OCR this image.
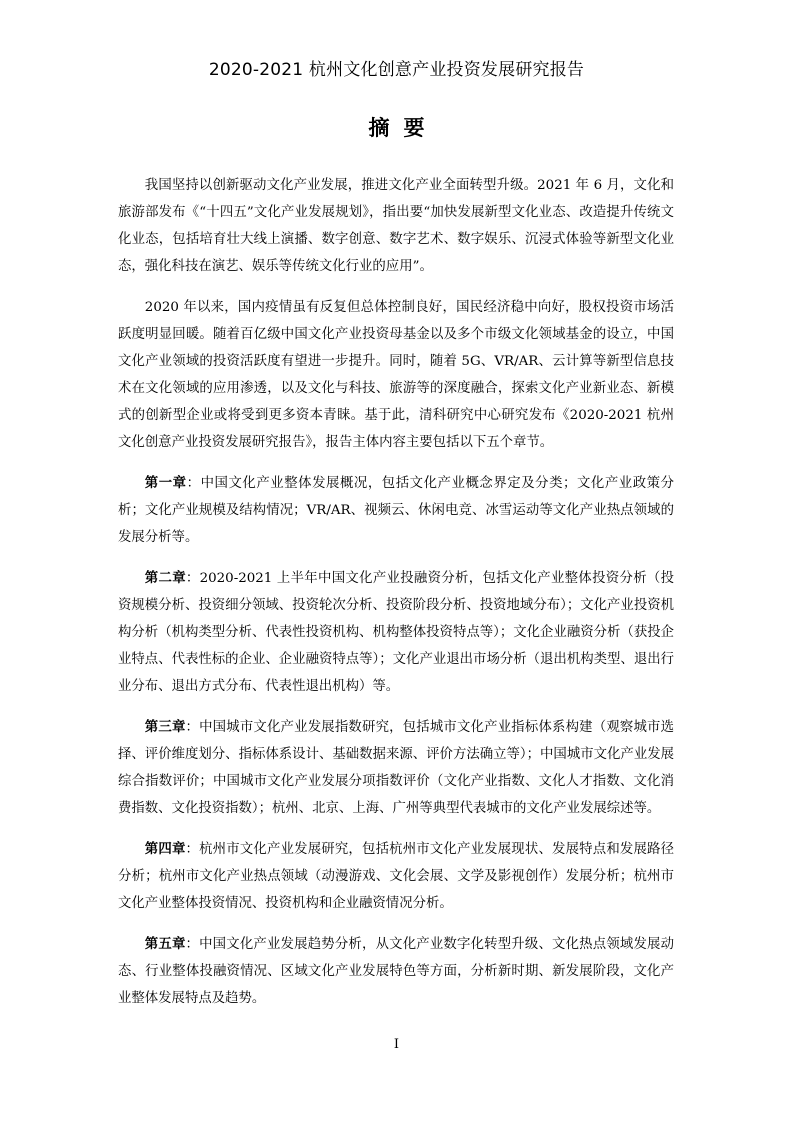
2020-2021 杭州文化创意产业投资发展研究报告
摘要

我国坚持以创新驱动文化产业发展，推进文化产业全面转型升级。2021 年 6 月，文化和旅游部发布《“十四五”文化产业发展规划》，指出要“加快发展新型文化业态、改造提升传统文化业态，包括培育壮大线上演播、数字创意、数字艺术、数字娱乐、沉浸式体验等新型文化业态，强化科技在演艺、娱乐等传统文化行业的应用”。

2020 年以来，国内疫情虽有反复但总体控制良好，国民经济稳中向好，股权投资市场活跃度明显回暖。随着百亿级中国文化产业投资母基金以及多个市级文化领域基金的设立，中国文化产业领域的投资活跃度有望进一步提升。同时，随着 5G、VR/AR、云计算等新型信息技术在文化领域的应用渗透，以及文化与科技、旅游等的深度融合，探索文化产业新业态、新模式的创新型企业或将受到更多资本青睐。基于此，清科研究中心研究发布《2020-2021 杭州文化创意产业投资发展研究报告》，报告主体内容主要包括以下五个章节。

第一章：中国文化产业整体发展概况，包括文化产业概念界定及分类；文化产业政策分析；文化产业规模及结构情况；VR/AR、视频云、休闲电竞、冰雪运动等文化产业热点领域的发展分析等。

第二章：2020-2021 上半年中国文化产业投融资分析，包括文化产业整体投资分析（投资规模分析、投资细分领域、投资轮次分析、投资阶段分析、投资地域分布）；文化产业投资机构分析（机构类型分析、代表性投资机构、机构整体投资特点等）；文化企业融资分析（获投企业特点、代表性标的企业、企业融资特点等）；文化产业退出市场分析（退出机构类型、退出行业分布、退出方式分布、代表性退出机构）等。

第三章：中国城市文化产业发展指数研究，包括城市文化产业指标体系构建（观察城市选择、评价维度划分、指标体系设计、基础数据来源、评价方法确立等）；中国城市文化产业发展综合指数评价；中国城市文化产业发展分项指数评价（文化产业指数、文化人才指数、文化消费指数、文化投资指数）；杭州、北京、上海、广州等典型代表城市的文化产业发展综述等。

第四章：杭州市文化产业发展研究，包括杭州市文化产业发展现状、发展特点和发展路径分析；杭州市文化产业热点领域（动漫游戏、文化会展、文学及影视创作）发展分析；杭州市文化产业整体投资情况、投资机构和企业融资情况分析。

第五章：中国文化产业发展趋势分析，从文化产业数字化转型升级、文化热点领域发展动态、行业整体投融资情况、区域文化产业发展特色等方面，分析新时期、新发展阶段，文化产业整体发展特点及趋势。

I
